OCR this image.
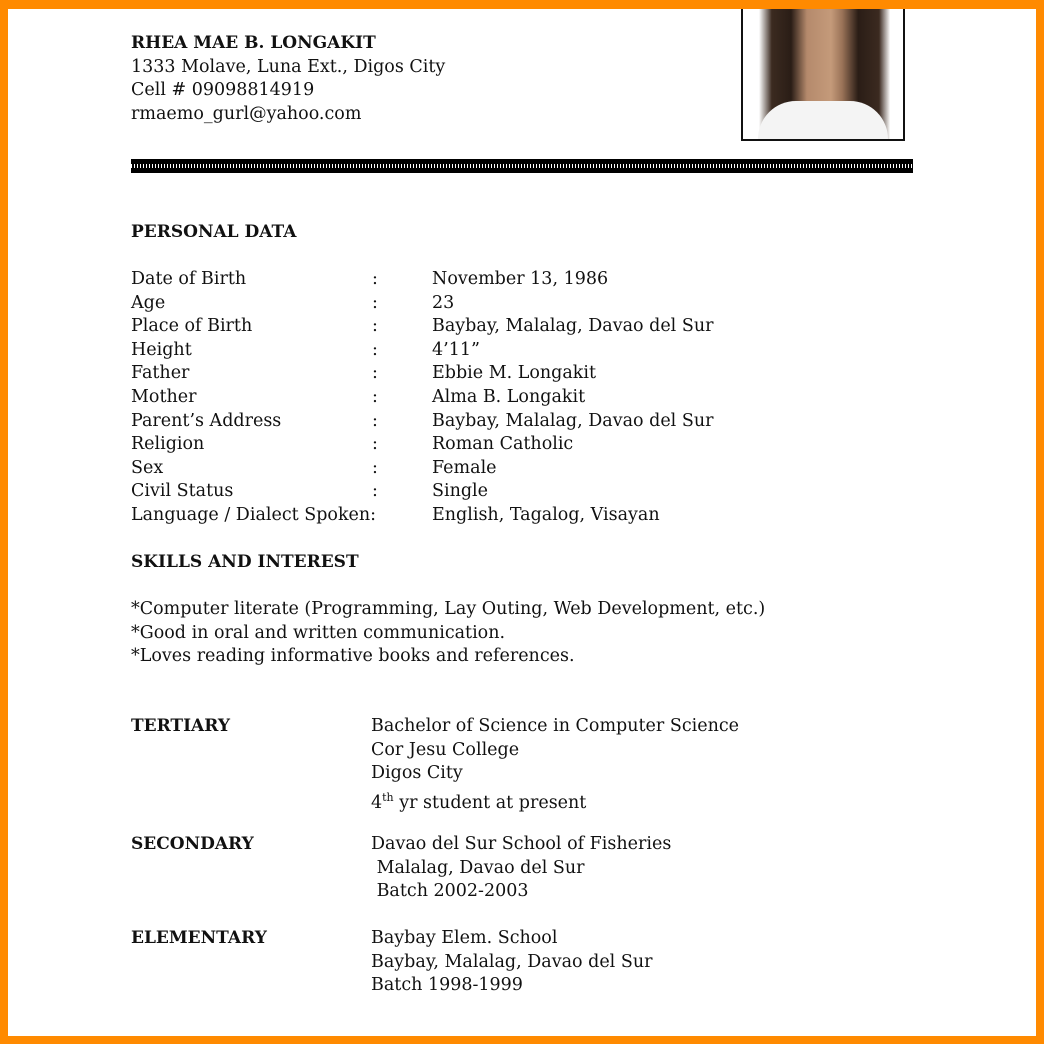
RHEA MAE B. LONGAKIT
1333 Molave, Luna Ext., Digos City
Cell # 09098814919
rmaemo_gurl@yahoo.com
PERSONAL DATA
Date of Birth	:	November 13, 1986
Age	:	23
Place of Birth	:	Baybay, Malalag, Davao del Sur
Height	:	4’11”
Father	:	Ebbie M. Longakit
Mother	:	Alma B. Longakit
Parent’s Address	:	Baybay, Malalag, Davao del Sur
Religion	:	Roman Catholic
Sex	:	Female
Civil Status	:	Single
Language / Dialect Spoken:	English, Tagalog, Visayan
SKILLS AND INTEREST
*Computer literate (Programming, Lay Outing, Web Development, etc.)
*Good in oral and written communication.
*Loves reading informative books and references.
TERTIARY	Bachelor of Science in Computer Science
Cor Jesu College
Digos City
4th yr student at present
SECONDARY	Davao del Sur School of Fisheries
Malalag, Davao del Sur
Batch 2002-2003
ELEMENTARY	Baybay Elem. School
Baybay, Malalag, Davao del Sur
Batch 1998-1999
